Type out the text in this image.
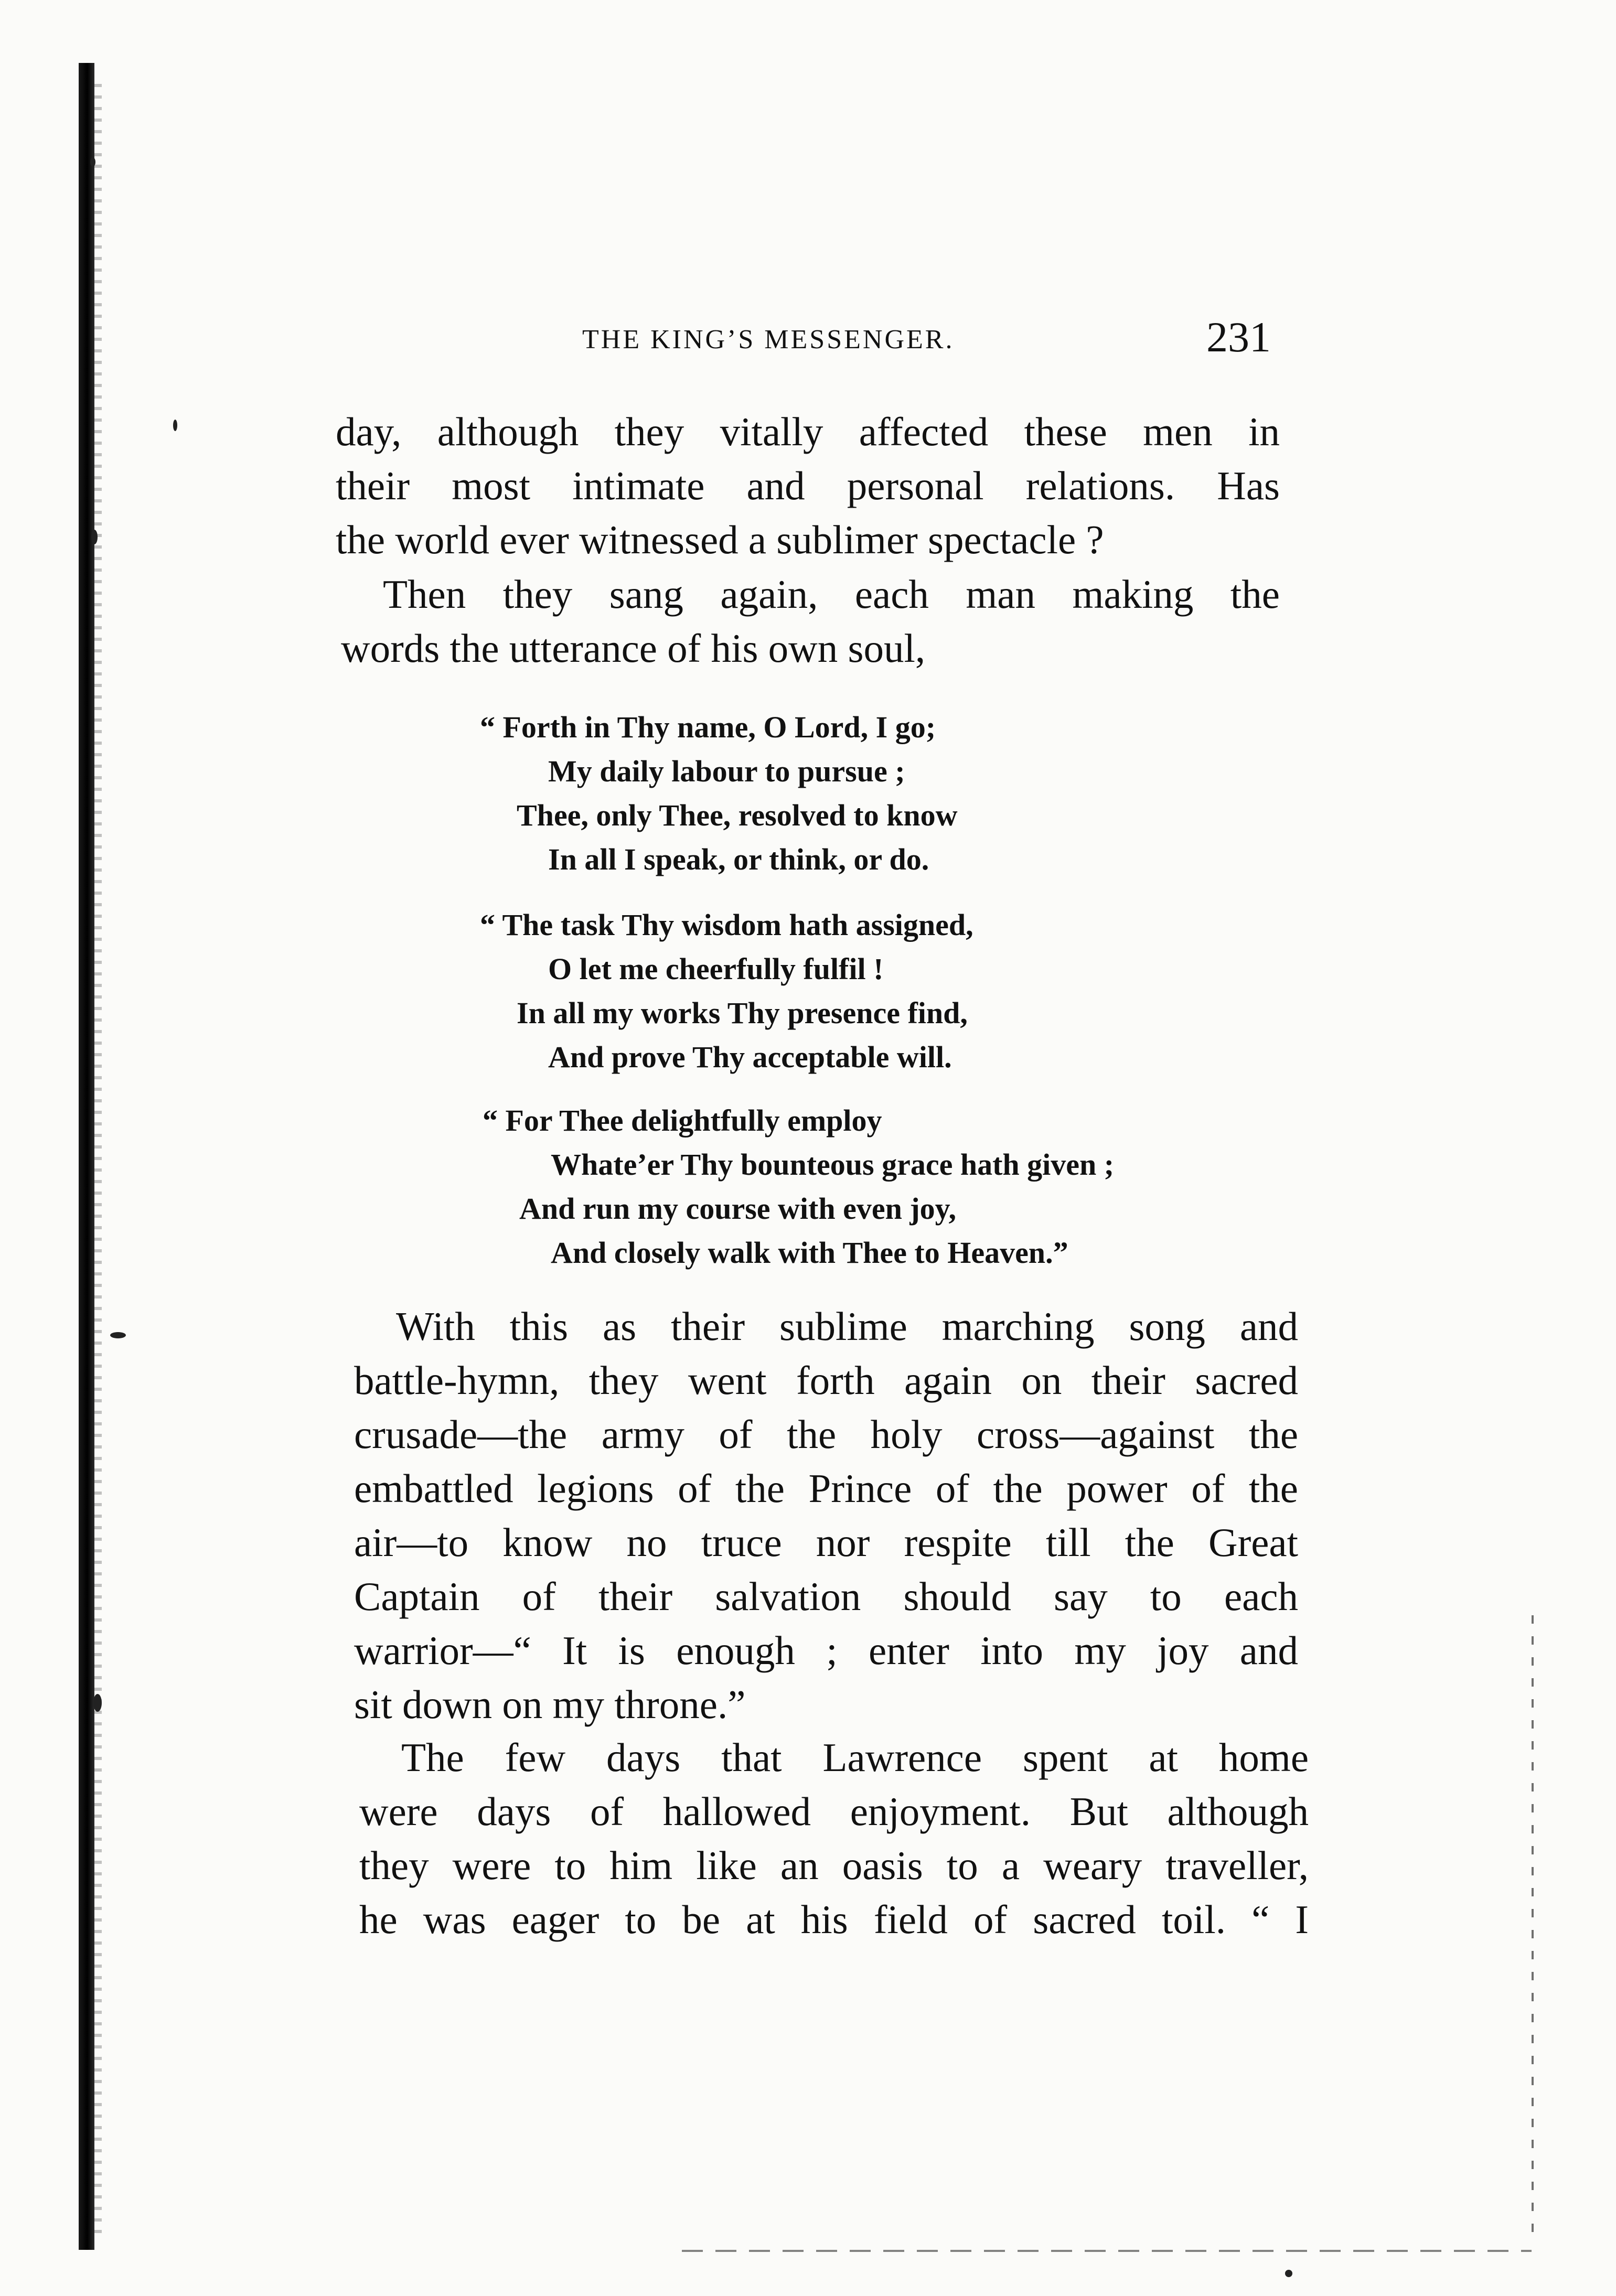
THE KING’S MESSENGER.	231
day, although they vitally affected these men in
their most intimate and personal relations. Has
the world ever witnessed a sublimer spectacle ?
Then they sang again, each man making the
words the utterance of his own soul,
“ Forth in Thy name, O Lord, I go;
My daily labour to pursue ;
Thee, only Thee, resolved to know
In all I speak, or think, or do.
“ The task Thy wisdom hath assigned,
O let me cheerfully fulfil !
In all my works Thy presence find,
And prove Thy acceptable will.
“ For Thee delightfully employ
Whate’er Thy bounteous grace hath given ;
And run my course with even joy,
And closely walk with Thee to Heaven.”
With this as their sublime marching song and
battle-hymn, they went forth again on their sacred
crusade—the army of the holy cross—against the
embattled legions of the Prince of the power of the
air—to know no truce nor respite till the Great
Captain of their salvation should say to each
warrior—“ It is enough ; enter into my joy and
sit down on my throne.”
The few days that Lawrence spent at home
were days of hallowed enjoyment. But although
they were to him like an oasis to a weary traveller,
he was eager to be at his field of sacred toil. “ I
